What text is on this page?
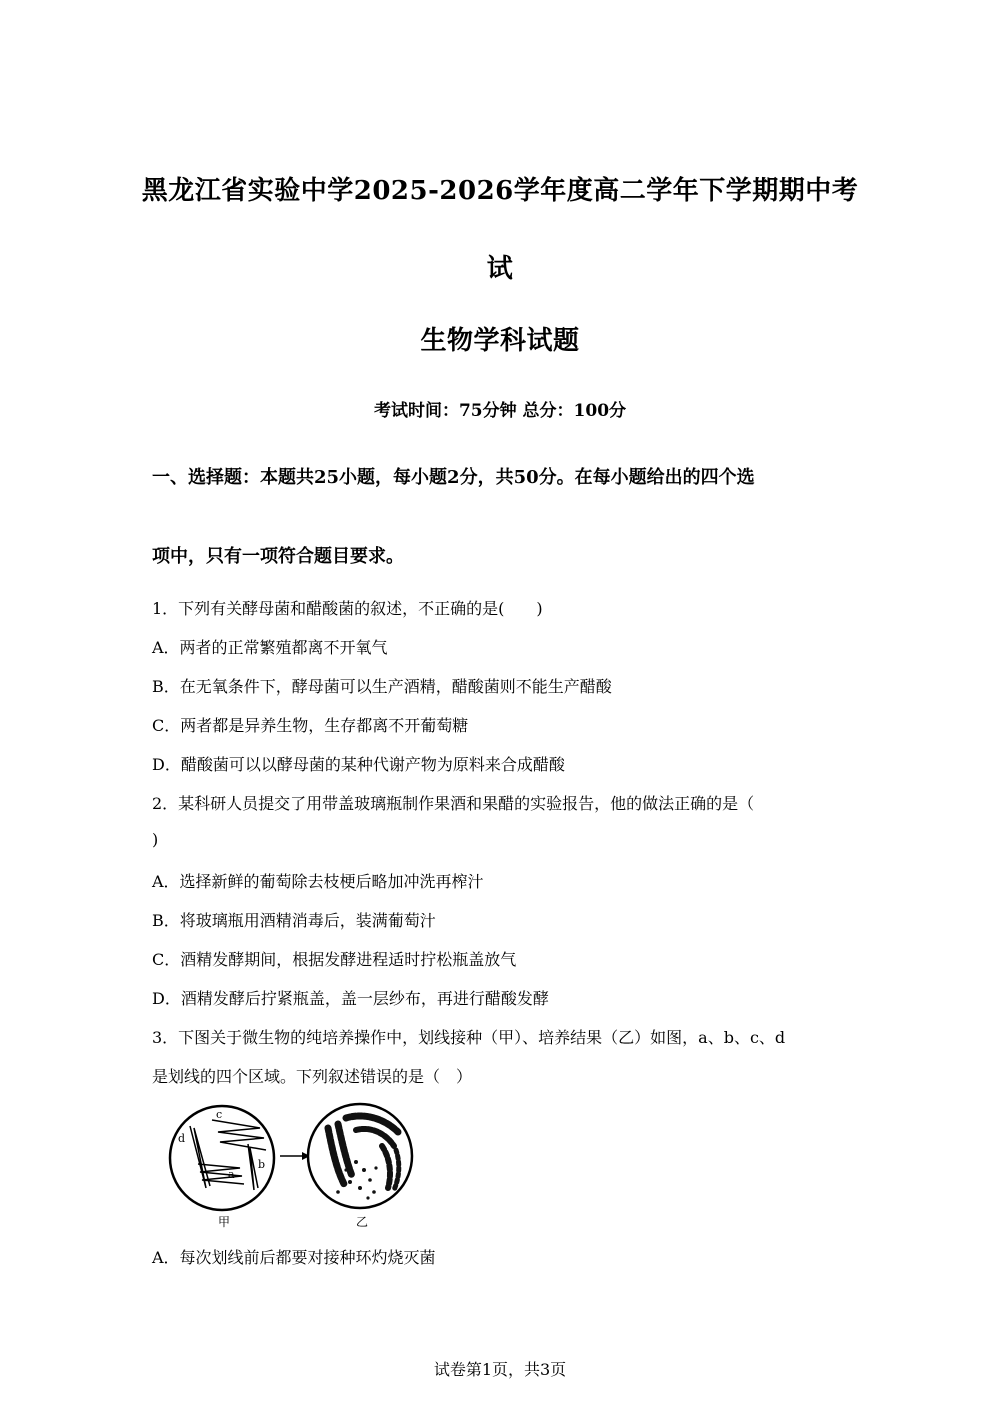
黑龙江省实验中学2025-2026学年度高二学年下学期期中考
试
生物学科试题
考试时间：75分钟 总分：100分
一、选择题：本题共25小题，每小题2分，共50分。在每小题给出的四个选
项中，只有一项符合题目要求。
1．下列有关酵母菌和醋酸菌的叙述，不正确的是(　　)
A．两者的正常繁殖都离不开氧气
B．在无氧条件下，酵母菌可以生产酒精，醋酸菌则不能生产醋酸
C．两者都是异养生物，生存都离不开葡萄糖
D．醋酸菌可以以酵母菌的某种代谢产物为原料来合成醋酸
2．某科研人员提交了用带盖玻璃瓶制作果酒和果醋的实验报告，他的做法正确的是（
)
A．选择新鲜的葡萄除去枝梗后略加冲洗再榨汁
B．将玻璃瓶用酒精消毒后，装满葡萄汁
C．酒精发酵期间，根据发酵进程适时拧松瓶盖放气
D．酒精发酵后拧紧瓶盖，盖一层纱布，再进行醋酸发酵
3．下图关于微生物的纯培养操作中，划线接种（甲）、培养结果（乙）如图，a、b、c、d
是划线的四个区域。下列叙述错误的是（　）
d
c
b
a
甲	乙
A．每次划线前后都要对接种环灼烧灭菌
试卷第1页，共3页
